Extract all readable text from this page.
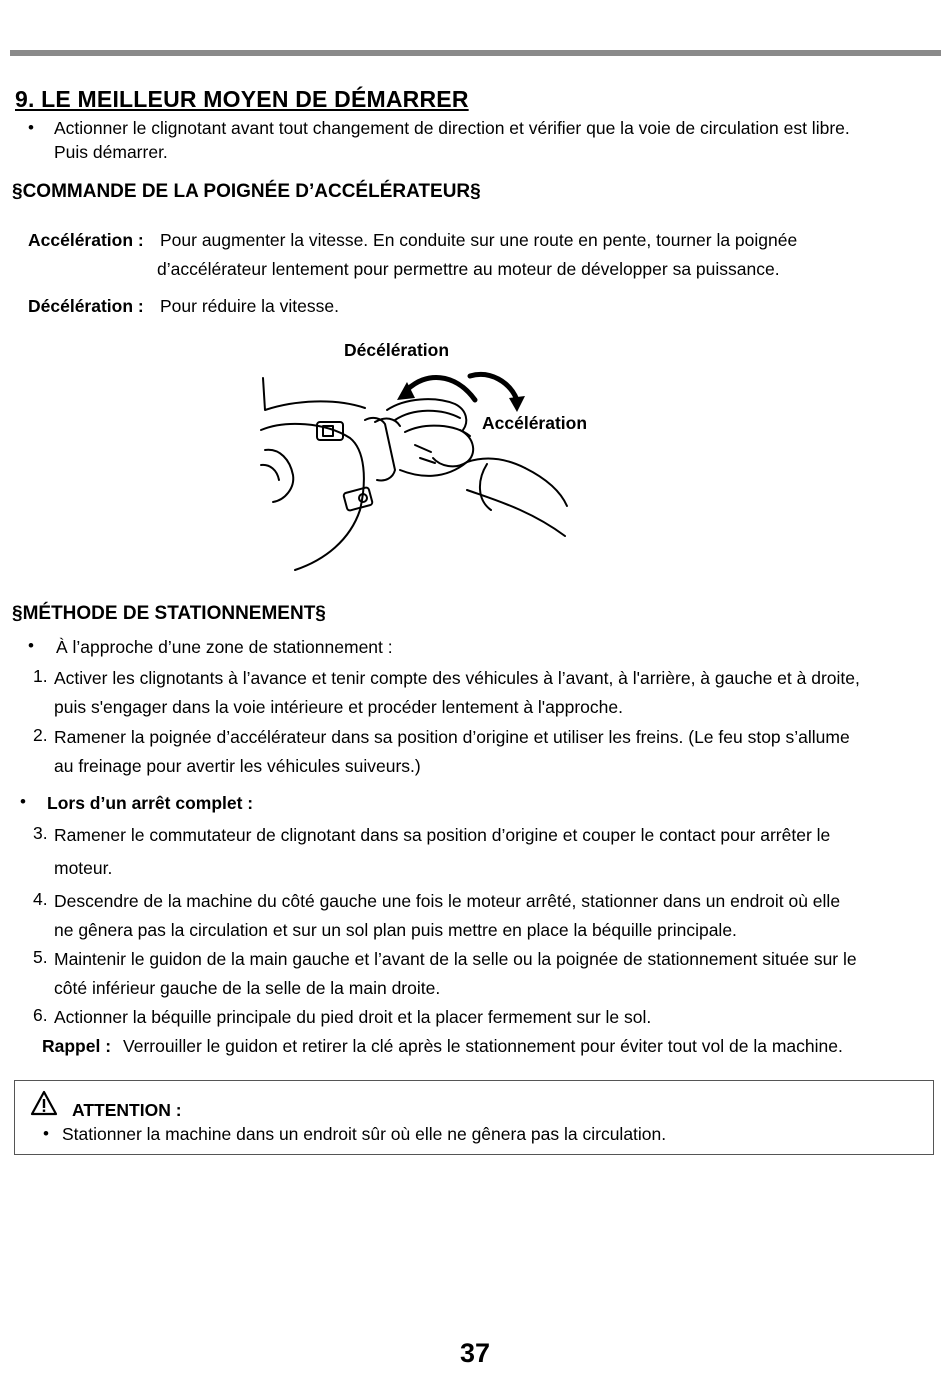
9. LE MEILLEUR MOYEN DE DÉMARRER
• Actionner le clignotant avant tout changement de direction et vérifier que la voie de circulation est libre.
Puis démarrer.
§COMMANDE DE LA POIGNÉE D’ACCÉLÉRATEUR§
Accélération : Pour augmenter la vitesse. En conduite sur une route en pente, tourner la poignée
d’accélérateur lentement pour permettre au moteur de développer sa puissance.
Décélération : Pour réduire la vitesse.
Décélération
Accélération
§MÉTHODE DE STATIONNEMENT§
• À l’approche d’une zone de stationnement :
1. Activer les clignotants à l’avance et tenir compte des véhicules à l’avant, à l'arrière, à gauche et à droite,
puis s'engager dans la voie intérieure et procéder lentement à l'approche.
2. Ramener la poignée d’accélérateur dans sa position d’origine et utiliser les freins. (Le feu stop s’allume
au freinage pour avertir les véhicules suiveurs.)
• Lors d’un arrêt complet :
3. Ramener le commutateur de clignotant dans sa position d’origine et couper le contact pour arrêter le
moteur.
4. Descendre de la machine du côté gauche une fois le moteur arrêté, stationner dans un endroit où elle
ne gênera pas la circulation et sur un sol plan puis mettre en place la béquille principale.
5. Maintenir le guidon de la main gauche et l’avant de la selle ou la poignée de stationnement située sur le
côté inférieur gauche de la selle de la main droite.
6. Actionner la béquille principale du pied droit et la placer fermement sur le sol.
Rappel : Verrouiller le guidon et retirer la clé après le stationnement pour éviter tout vol de la machine.
ATTENTION :
• Stationner la machine dans un endroit sûr où elle ne gênera pas la circulation.
37
